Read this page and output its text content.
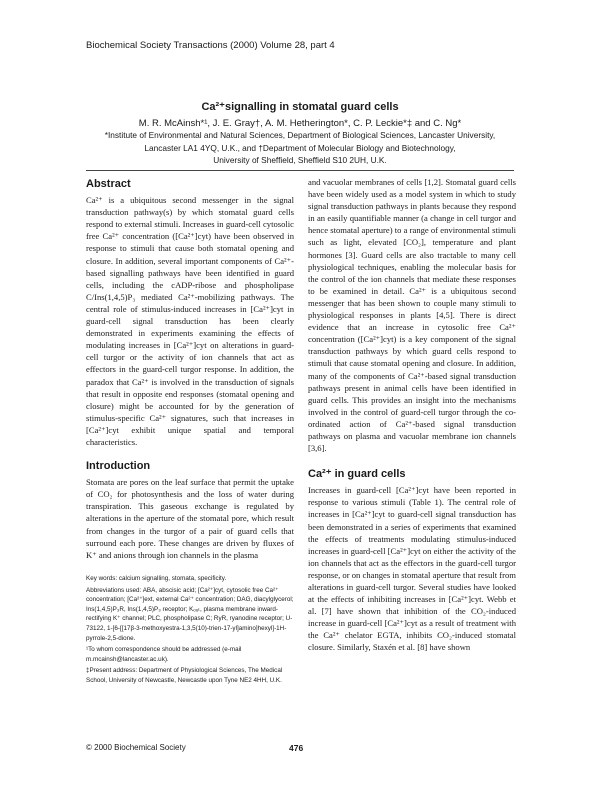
Biochemical Society Transactions (2000) Volume 28, part 4

Ca²⁺signalling in stomatal guard cells

M. R. McAinsh*¹, J. E. Gray†, A. M. Hetherington*, C. P. Leckie*‡ and C. Ng*

*Institute of Environmental and Natural Sciences, Department of Biological Sciences, Lancaster University,

Lancaster LA1 4YQ, U.K., and †Department of Molecular Biology and Biotechnology,

University of Sheffield, Sheffield S10 2UH, U.K.

Abstract

Ca²⁺ is a ubiquitous second messenger in the signal transduction pathway(s) by which stomatal guard cells respond to external stimuli. Increases in guard-cell cytosolic free Ca²⁺ concentration ([Ca²⁺]cyt) have been observed in response to stimuli that cause both stomatal opening and closure. In addition, several important components of Ca²⁺-based signalling pathways have been identified in guard cells, including the cADP-ribose and phospholipase C/Ins(1,4,5)P₃ mediated Ca²⁺-mobilizing pathways. The central role of stimulus-induced increases in [Ca²⁺]cyt in guard-cell signal transduction has been clearly demonstrated in experiments examining the effects of modulating increases in [Ca²⁺]cyt on alterations in guard-cell turgor or the activity of ion channels that act as effectors in the guard-cell turgor response. In addition, the paradox that Ca²⁺ is involved in the transduction of signals that result in opposite end responses (stomatal opening and closure) might be accounted for by the generation of stimulus-specific Ca²⁺ signatures, such that increases in [Ca²⁺]cyt exhibit unique spatial and temporal characteristics.

Introduction

Stomata are pores on the leaf surface that permit the uptake of CO₂ for photosynthesis and the loss of water during transpiration. This gaseous exchange is regulated by alterations in the aperture of the stomatal pore, which result from changes in the turgor of a pair of guard cells that surround each pore. These changes are driven by fluxes of K⁺ and anions through ion channels in the plasma

Key words: calcium signalling, stomata, specificity.

Abbreviations used: ABA, abscisic acid; [Ca²⁺]cyt, cytosolic free Ca²⁺ concentration; [Ca²⁺]ext, external Ca²⁺ concentration; DAG, diacylglycerol; Ins(1,4,5)P₃R, Ins(1,4,5)P₃ receptor; Kₒᵤₜ, plasma membrane inward-rectifying K⁺ channel; PLC, phospholipase C; RyR, ryanodine receptor; U-73122, 1-[6-[[17β-3-methoxyestra-1,3,5(10)-trien-17-yl]amino]hexyl]-1H-pyrrole-2,5-dione.

¹To whom correspondence should be addressed (e-mail m.mcainsh@lancaster.ac.uk).

‡Present address: Department of Physiological Sciences, The Medical School, University of Newcastle, Newcastle upon Tyne NE2 4HH, U.K.

and vacuolar membranes of cells [1,2]. Stomatal guard cells have been widely used as a model system in which to study signal transduction pathways in plants because they respond in an easily quantifiable manner (a change in cell turgor and hence stomatal aperture) to a range of environmental stimuli such as light, elevated [CO₂], temperature and plant hormones [3]. Guard cells are also tractable to many cell physiological techniques, enabling the molecular basis for the control of the ion channels that mediate these responses to be examined in detail. Ca²⁺ is a ubiquitous second messenger that has been shown to couple many stimuli to physiological responses in plants [4,5]. There is direct evidence that an increase in cytosolic free Ca²⁺ concentration ([Ca²⁺]cyt) is a key component of the signal transduction pathways by which guard cells respond to stimuli that cause stomatal opening and closure. In addition, many of the components of Ca²⁺-based signal transduction pathways present in animal cells have been identified in guard cells. This provides an insight into the mechanisms involved in the control of guard-cell turgor through the co-ordinated action of Ca²⁺-based signal transduction pathways on plasma and vacuolar membrane ion channels [3,6].

Ca²⁺ in guard cells

Increases in guard-cell [Ca²⁺]cyt have been reported in response to various stimuli (Table 1). The central role of increases in [Ca²⁺]cyt to guard-cell signal transduction has been demonstrated in a series of experiments that examined the effects of treatments modulating stimulus-induced increases in guard-cell [Ca²⁺]cyt on either the activity of the ion channels that act as the effectors in the guard-cell turgor response, or on changes in stomatal aperture that result from alterations in guard-cell turgor. Several studies have looked at the effects of inhibiting increases in [Ca²⁺]cyt. Webb et al. [7] have shown that inhibition of the CO₂-induced increase in guard-cell [Ca²⁺]cyt as a result of treatment with the Ca²⁺ chelator EGTA, inhibits CO₂-induced stomatal closure. Similarly, Staxén et al. [8] have shown

© 2000 Biochemical Society	476
